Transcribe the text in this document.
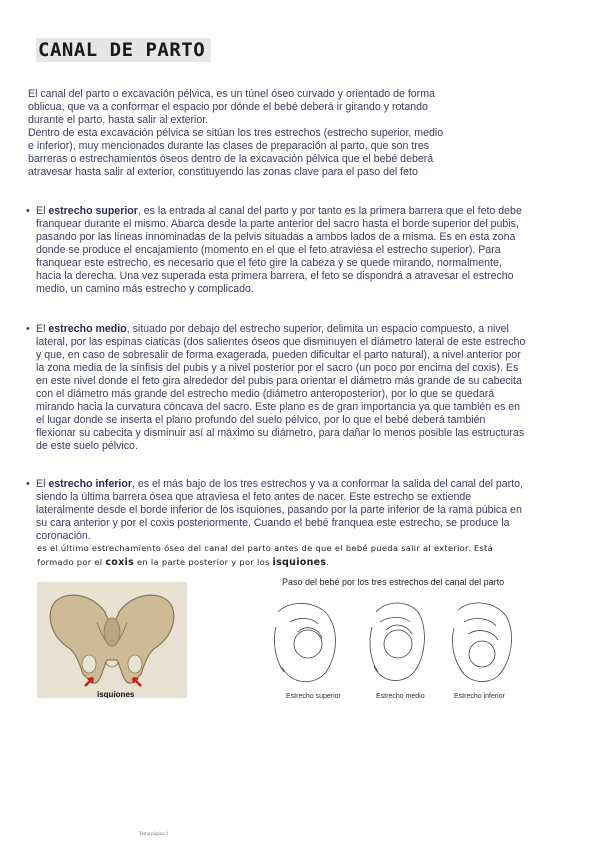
CANAL DE PARTO

El canal del parto o excavación pélvica, es un túnel óseo curvado y orientado de forma

oblicua, que va a conformar el espacio por dónde el bebé deberá ir girando y rotando

durante el parto, hasta salir al exterior.

Dentro de esta excavación pélvica se sitúan los tres estrechos (estrecho superior, medio

e inferior), muy mencionados durante las clases de preparación al parto, que son tres

barreras o estrechamientos óseos dentro de la excavación pélvica que el bebé deberá

atravesar hasta salir al exterior, constituyendo las zonas clave para el paso del feto

• El estrecho superior, es la entrada al canal del parto y por tanto es la primera barrera que el feto debe franquear durante el mismo. Abarca desde la parte anterior del sacro hasta el borde superior del pubis, pasando por las líneas innominadas de la pelvis situadas a ambos lados de a misma. Es en esta zona donde se produce el encajamiento (momento en el que el feto atraviesa el estrecho superior). Para franquear este estrecho, es necesario que el feto gire la cabeza y se quede mirando, normalmente, hacia la derecha. Una vez superada esta primera barrera, el feto se dispondrá a atravesar el estrecho medio, un camino más estrecho y complicado.
• El estrecho medio, situado por debajo del estrecho superior, delimita un espacio compuesto, a nivel lateral, por las espinas ciaticas (dos salientes óseos que disminuyen el diámetro lateral de este estrecho y que, en caso de sobresalir de forma exagerada, pueden dificultar el parto natural), a nivel anterior por la zona media de la sínfisis del pubis y a nivel posterior por el sacro (un poco por encima del coxis). Es en este nivel donde el feto gira alrededor del pubis para orientar el diámetro más grande de su cabecita con el diámetro más grande del estrecho medio (diámetro anteroposterior), por lo que se quedará mirando hacia la curvatura cóncava del sacro. Este plano es de gran importancia ya que también es en el lugar donde se inserta el plano profundo del suelo pélvico, por lo que el bebé deberá también flexionar su cabecita y disminuir así al máximo su diámetro, para dañar lo menos posible las estructuras de este suelo pélvico.
• El estrecho inferior, es el más bajo de los tres estrechos y va a conformar la salida del canal del parto, siendo la última barrera ósea que atraviesa el feto antes de nacer. Este estrecho se extiende lateralmente desde el borde inferior de los isquiones, pasando por la parte inferior de la rama púbica en su cara anterior y por el coxis posteriormente. Cuando el bebé franquea este estrecho, se produce la coronación.
es el último estrechamiento óseo del canal del parto antes de que el bebé pueda salir al exterior. Está
formado por el coxis en la parte posterior y por los isquiones.
isquiones
Paso del bebé por los tres estrechos del canal del parto
Estrecho superior	Estrecho medio	Estrecho inferior
Tema página 1
